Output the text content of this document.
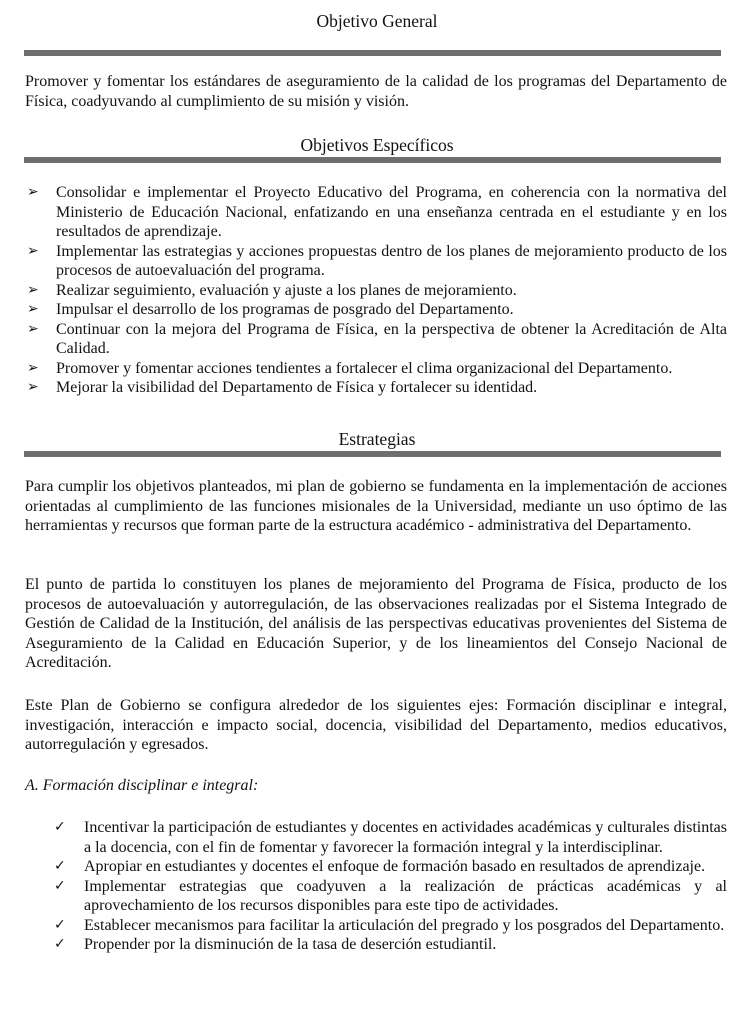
Objetivo General

Promover y fomentar los estándares de aseguramiento de la calidad de los programas del Departamento de Física, coadyuvando al cumplimiento de su misión y visión.

Objetivos Específicos
➢ Consolidar e implementar el Proyecto Educativo del Programa, en coherencia con la normativa del Ministerio de Educación Nacional, enfatizando en una enseñanza centrada en el estudiante y en los resultados de aprendizaje.
➢ Implementar las estrategias y acciones propuestas dentro de los planes de mejoramiento producto de los procesos de autoevaluación del programa.
➢ Realizar seguimiento, evaluación y ajuste a los planes de mejoramiento.
➢ Impulsar el desarrollo de los programas de posgrado del Departamento.
➢ Continuar con la mejora del Programa de Física, en la perspectiva de obtener la Acreditación de Alta Calidad.
➢ Promover y fomentar acciones tendientes a fortalecer el clima organizacional del Departamento.
➢ Mejorar la visibilidad del Departamento de Física y fortalecer su identidad.
Estrategias

Para cumplir los objetivos planteados, mi plan de gobierno se fundamenta en la implementación de acciones orientadas al cumplimiento de las funciones misionales de la Universidad, mediante un uso óptimo de las herramientas y recursos que forman parte de la estructura académico - administrativa del Departamento.

El punto de partida lo constituyen los planes de mejoramiento del Programa de Física, producto de los procesos de autoevaluación y autorregulación, de las observaciones realizadas por el Sistema Integrado de Gestión de Calidad de la Institución, del análisis de las perspectivas educativas provenientes del Sistema de Aseguramiento de la Calidad en Educación Superior, y de los lineamientos del Consejo Nacional de Acreditación.

Este Plan de Gobierno se configura alrededor de los siguientes ejes: Formación disciplinar e integral, investigación, interacción e impacto social, docencia, visibilidad del Departamento, medios educativos, autorregulación y egresados.

A. Formación disciplinar e integral:
✓ Incentivar la participación de estudiantes y docentes en actividades académicas y culturales distintas a la docencia, con el fin de fomentar y favorecer la formación integral y la interdisciplinar.
✓ Apropiar en estudiantes y docentes el enfoque de formación basado en resultados de aprendizaje.
✓ Implementar estrategias que coadyuven a la realización de prácticas académicas y al aprovechamiento de los recursos disponibles para este tipo de actividades.
✓ Establecer mecanismos para facilitar la articulación del pregrado y los posgrados del Departamento.
✓ Propender por la disminución de la tasa de deserción estudiantil.
